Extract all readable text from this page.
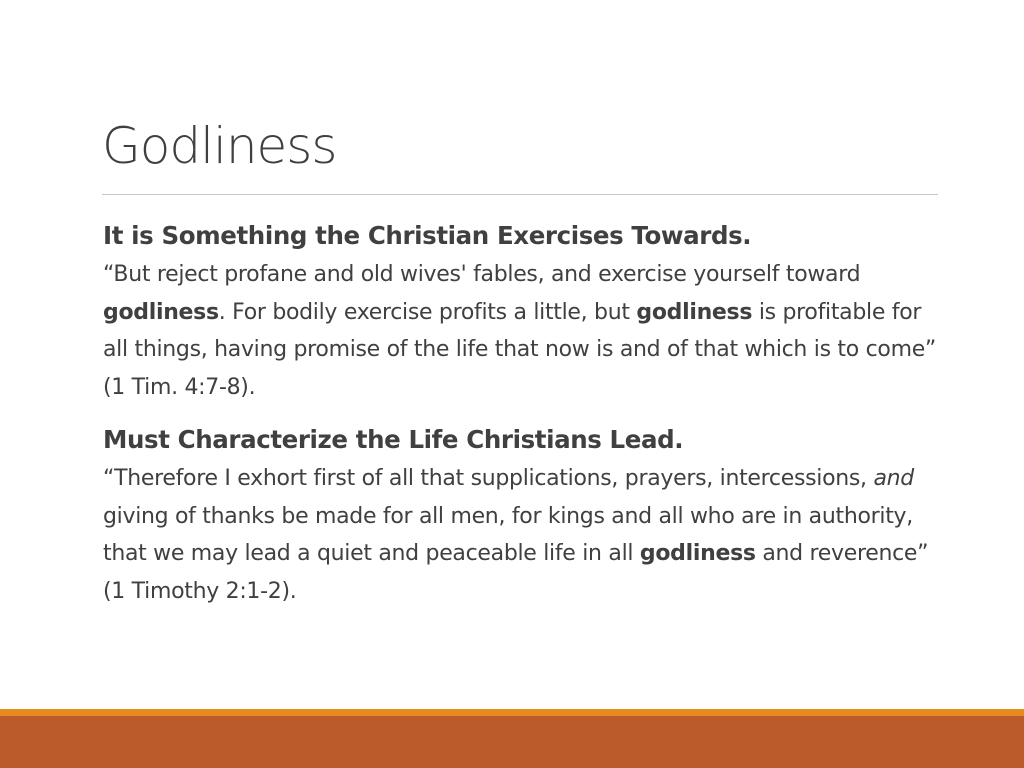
Godliness

It is Something the Christian Exercises Towards.

“But reject profane and old wives' fables, and exercise yourself toward godliness. For bodily exercise profits a little, but godliness is profitable for all things, having promise of the life that now is and of that which is to come” (1 Tim. 4:7-8).

Must Characterize the Life Christians Lead.

“Therefore I exhort first of all that supplications, prayers, intercessions, and giving of thanks be made for all men, for kings and all who are in authority, that we may lead a quiet and peaceable life in all godliness and reverence”

(1 Timothy 2:1-2).
